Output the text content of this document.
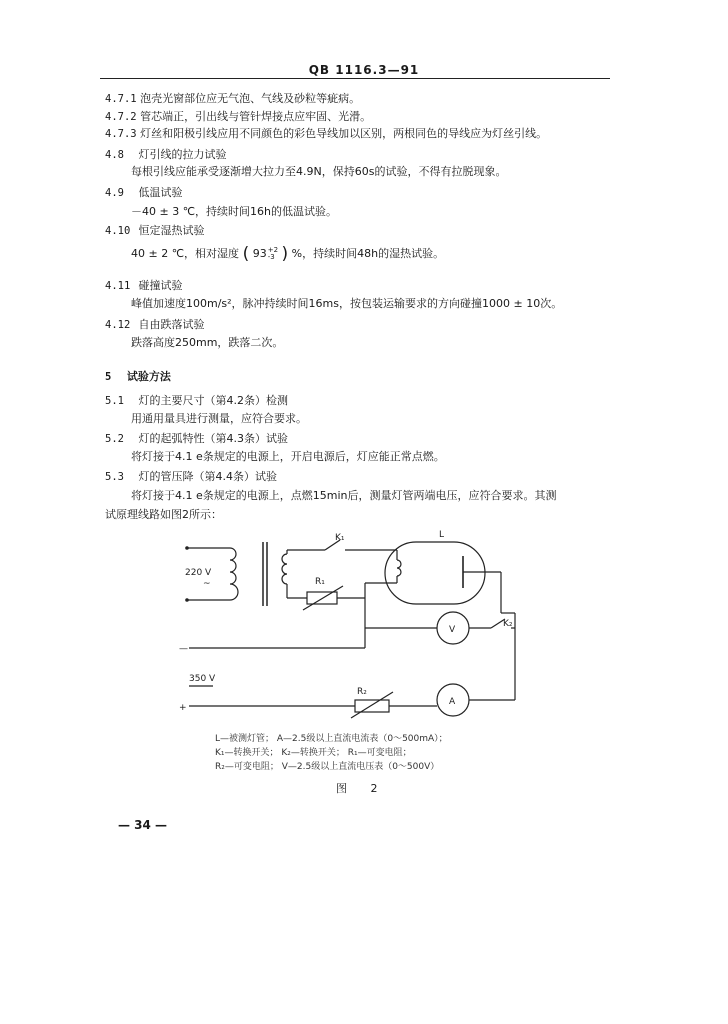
QB 1116.3—91
4.7.1 泡壳光窗部位应无气泡、气线及砂粒等疵病。
4.7.2 管芯端正，引出线与管针焊接点应牢固、光滑。
4.7.3 灯丝和阳极引线应用不同颜色的彩色导线加以区别，两根同色的导线应为灯丝引线。
4.8 灯引线的拉力试验
每根引线应能承受逐渐增大拉力至4.9N，保持60s的试验，不得有拉脱现象。
4.9 低温试验
－40 ± 3 ℃，持续时间16h的低温试验。
4.10 恒定湿热试验
40 ± 2 ℃，相对湿度 ( 93 +2
-3 ) %，持续时间48h的湿热试验。
4.11 碰撞试验
峰值加速度100m/s²，脉冲持续时间16ms，按包装运输要求的方向碰撞1000 ± 10次。
4.12 自由跌落试验
跌落高度250mm，跌落二次。
5 试验方法
5.1 灯的主要尺寸（第4.2条）检测
用通用量具进行测量，应符合要求。
5.2 灯的起弧特性（第4.3条）试验
将灯接于4.1 e条规定的电源上，开启电源后，灯应能正常点燃。
5.3 灯的管压降（第4.4条）试验
将灯接于4.1 e条规定的电源上，点燃15min后，测量灯管两端电压，应符合要求。其测
试原理线路如图2所示：
220 V
~
K₁	L
R₁
V
K₂
—
350 V
+
R₂
A
L—被测灯管； A—2.5级以上直流电流表（0～500mA）；
K₁—转换开关； K₂—转换开关； R₁—可变电阻；
R₂—可变电阻； V—2.5级以上直流电压表（0～500V）
图 2
— 34 —
